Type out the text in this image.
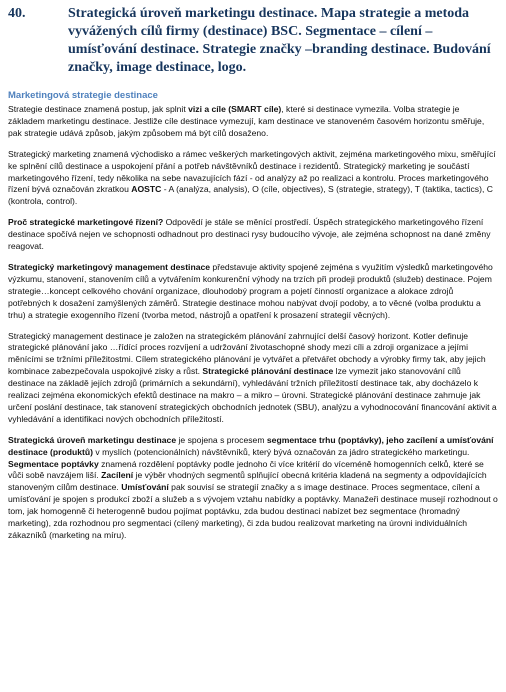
40.	Strategická úroveň marketingu destinace. Mapa strategie a metoda vyvážených cílů firmy (destinace) BSC. Segmentace – cílení – umísťování destinace. Strategie značky –branding destinace. Budování značky, image destinace, logo.
Marketingová strategie destinace

Strategie destinace znamená postup, jak splnit vizi a cíle (SMART cíle), které si destinace vymezila. Volba strategie je základem marketingu destinace. Jestliže cíle destinace vymezují, kam destinace ve stanoveném časovém horizontu směřuje, pak strategie udává způsob, jakým způsobem má být cílů dosaženo.

Strategický marketing znamená východisko a rámec veškerých marketingových aktivit, zejména marketingového mixu, směřující ke splnění cílů destinace a uspokojení přání a potřeb návštěvníků destinace i rezidentů. Strategický marketing je součástí marketingového řízení, tedy několika na sebe navazujících fází - od analýzy až po realizaci a kontrolu. Proces marketingového řízení bývá označován zkratkou AOSTC - A (analýza, analysis), O (cíle, objectives), S (strategie, strategy), T (taktika, tactics), C (kontrola, control).

Proč strategické marketingové řízení? Odpovědí je stále se měnící prostředí. Úspěch strategického marketingového řízení destinace spočívá nejen ve schopnosti odhadnout pro destinaci rysy budoucího vývoje, ale zejména schopnost na dané změny reagovat.

Strategický marketingový management destinace představuje aktivity spojené zejména s využitím výsledků marketingového výzkumu, stanovení, stanovením cílů a vytvářením konkurenční výhody na trzích při prodeji produktů (služeb) destinace. Pojem strategie…koncept celkového chování organizace, dlouhodobý program a pojetí činností organizace a alokace zdrojů potřebných k dosažení zamýšlených záměrů. Strategie destinace mohou nabývat dvojí podoby, a to věcné (volba produktu a trhu) a strategie exogenního řízení (tvorba metod, nástrojů a opatření k prosazení strategií věcných).

Strategický management destinace je založen na strategickém plánování zahrnující delší časový horizont. Kotler definuje strategické plánování jako …řídící proces rozvíjení a udržování životaschopné shody mezi cíli a zdroji organizace a jejími měnícími se tržními příležitostmi. Cílem strategického plánování je vytvářet a přetvářet obchody a výrobky firmy tak, aby jejich kombinace zabezpečovala uspokojivé zisky a růst. Strategické plánování destinace lze vymezit jako stanovování cílů destinace na základě jejích zdrojů (primárních a sekundární), vyhledávání tržních příležitostí destinace tak, aby docházelo k realizaci zejména ekonomických efektů destinace na makro – a mikro – úrovni. Strategické plánování destinace zahrnuje jak určení poslání destinace, tak stanovení strategických obchodních jednotek (SBU), analýzu a vyhodnocování financování aktivit a vyhledávání a identifikaci nových obchodních příležitostí.

Strategická úroveň marketingu destinace je spojena s procesem segmentace trhu (poptávky), jeho zacílení a umísťování destinace (produktů) v myslích (potencionálních) návštěvníků, který bývá označován za jádro strategického marketingu. Segmentace poptávky znamená rozdělení poptávky podle jednoho či více kritérií do víceméně homogenních celků, které se vůči sobě navzájem liší. Zacílení je výběr vhodných segmentů splňující obecná kritéria kladená na segmenty a odpovídajících stanoveným cílům destinace. Umísťování pak souvisí se strategií značky a s image destinace. Proces segmentace, cílení a umísťování je spojen s produkcí zboží a služeb a s vývojem vztahu nabídky a poptávky. Manažeři destinace musejí rozhodnout o tom, jak homogenně či heterogenně budou pojímat poptávku, zda budou destinaci nabízet bez segmentace (hromadný marketing), zda rozhodnou pro segmentaci (cílený marketing), či zda budou realizovat marketing na úrovni individuálních zákazníků (marketing na míru).
